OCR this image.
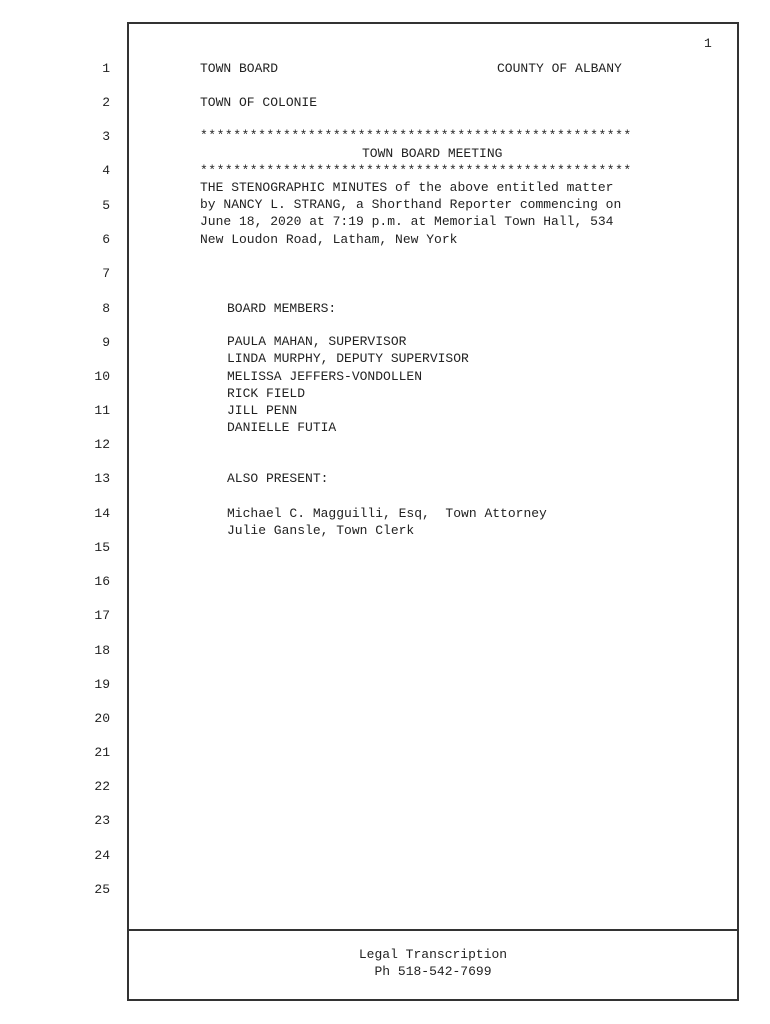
1
1
2
3
4
5
6
7
8
9
10
11
12
13
14
15
16
17
18
19
20
21
22
23
24
25
TOWN BOARD	COUNTY OF ALBANY
TOWN OF COLONIE
****************************************************
TOWN BOARD MEETING
****************************************************
THE STENOGRAPHIC MINUTES of the above entitled matter
by NANCY L. STRANG, a Shorthand Reporter commencing on
June 18, 2020 at 7:19 p.m. at Memorial Town Hall, 534
New Loudon Road, Latham, New York
BOARD MEMBERS:
PAULA MAHAN, SUPERVISOR
LINDA MURPHY, DEPUTY SUPERVISOR
MELISSA JEFFERS-VONDOLLEN
RICK FIELD
JILL PENN
DANIELLE FUTIA
ALSO PRESENT:
Michael C. Magguilli, Esq,  Town Attorney
Julie Gansle, Town Clerk
Legal Transcription
Ph 518-542-7699
